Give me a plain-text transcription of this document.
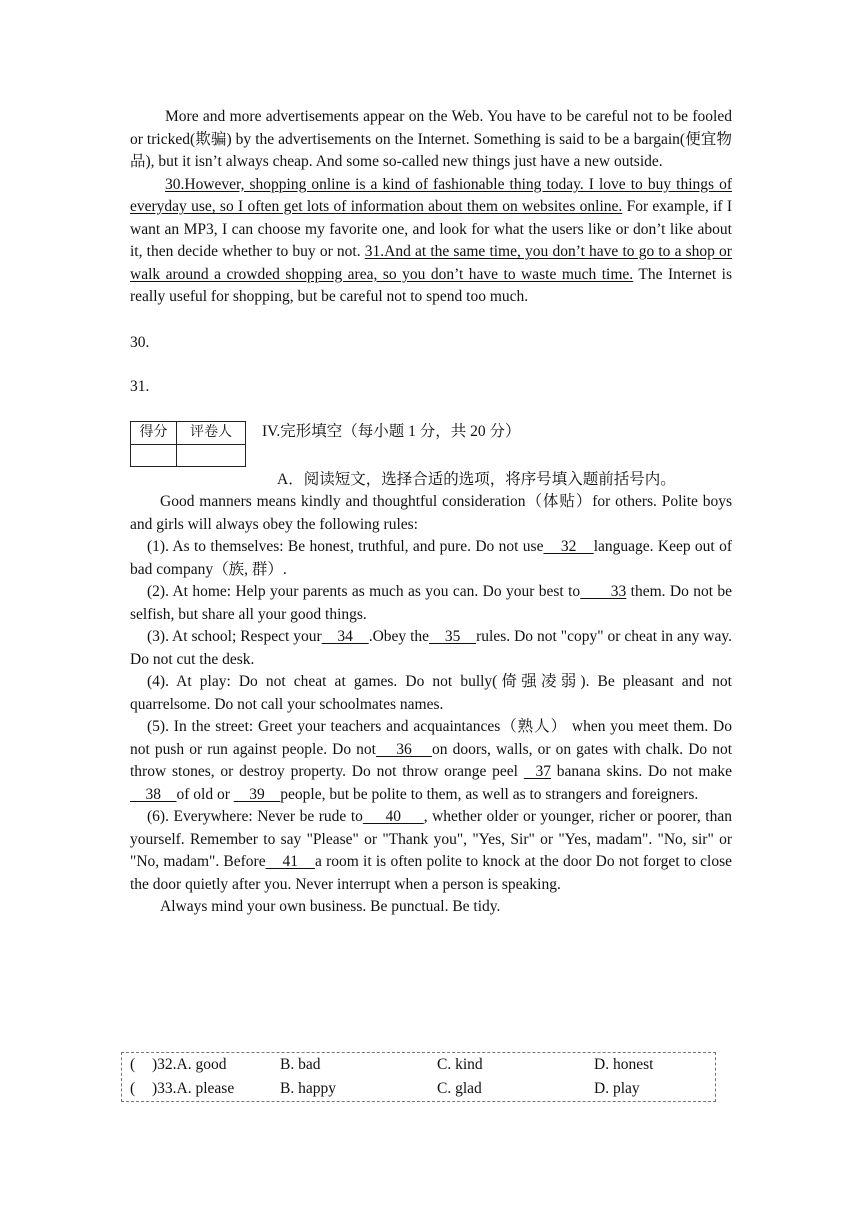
More and more advertisements appear on the Web. You have to be careful not to be fooled or tricked(欺骗) by the advertisements on the Internet. Something is said to be a bargain(便宜物品), but it isn’t always cheap. And some so-called new things just have a new outside.

30.However, shopping online is a kind of fashionable thing today. I love to buy things of everyday use, so I often get lots of information about them on websites online. For example, if I want an MP3, I can choose my favorite one, and look for what the users like or don’t like about it, then decide whether to buy or not. 31.And at the same time, you don’t have to go to a shop or walk around a crowded shopping area, so you don’t have to waste much time. The Internet is really useful for shopping, but be careful not to spend too much.

30.

31.

得分	评卷人
	IV.完形填空（每小题 1 分，共 20 分）

A．阅读短文，选择合适的选项，将序号填入题前括号内。

Good manners means kindly and thoughtful consideration（体贴）for others. Polite boys and girls will always obey the following rules:

(1). As to themselves: Be honest, truthful, and pure. Do not use    32    language. Keep out of bad company（族, 群）.

(2). At home: Help your parents as much as you can. Do your best to       33 them. Do not be selfish, but share all your good things.

(3). At school; Respect your    34    .Obey the    35    rules. Do not "copy" or cheat in any way. Do not cut the desk.

(4). At play: Do not cheat at games. Do not bully(倚强凌弱). Be pleasant and not quarrelsome. Do not call your schoolmates names.

(5). In the street: Greet your teachers and acquaintances（熟人） when you meet them. Do not push or run against people. Do not    36    on doors, walls, or on gates with chalk. Do not throw stones, or destroy property. Do not throw orange peel   37 banana skins. Do not make     38    of old or     39    people, but be polite to them, as well as to strangers and foreigners.

(6). Everywhere: Never be rude to     40     , whether older or younger, richer or poorer, than yourself. Remember to say "Please" or "Thank you", "Yes, Sir" or "Yes, madam". "No, sir" or "No, madam". Before    41    a room it is often polite to knock at the door Do not forget to close the door quietly after you. Never interrupt when a person is speaking.

Always mind your own business. Be punctual. Be tidy.

(	)32.A. good	B. bad	C. kind	D. honest
(	)33.A. please	B. happy	C. glad	D. play
